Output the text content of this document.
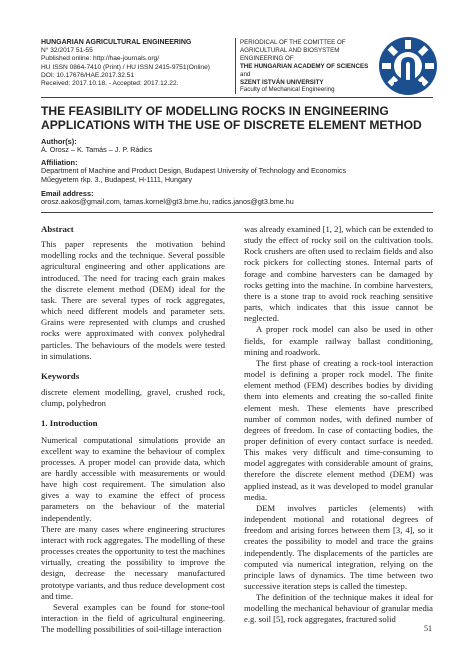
HUNGARIAN AGRICULTURAL ENGINEERING
N° 32/2017 51-55
Published online: http://hae-journals.org/
HU ISSN 0864-7410 (Print) / HU ISSN 2415-9751(Online)
DOI: 10.17676/HAE.2017.32.51
Received: 2017.10.18. - Accepted: 2017.12.22.
PERIODICAL OF THE COMITTEE OF
AGRICULTURAL AND BIOSYSTEM
ENGINEERING OF
THE HUNGARIAN ACADEMY OF SCIENCES
and
SZENT ISTVÁN UNIVERSITY
Faculty of Mechanical Engineering
THE FEASIBILITY OF MODELLING ROCKS IN ENGINEERING
APPLICATIONS WITH THE USE OF DISCRETE ELEMENT METHOD
Author(s):
Á. Orosz – K. Tamás – J. P. Rádics
Affiliation:
Department of Machine and Product Design, Budapest University of Technology and Economics
Műegyetem rkp. 3., Budapest, H-1111, Hungary
Email address:
orosz.aakos@gmail.com, tamas.kornel@gt3.bme.hu, radics.janos@gt3.bme.hu
Abstract

This paper represents the motivation behind modelling rocks and the technique. Several possible agricultural engineering and other applications are introduced. The need for tracing each grain makes the discrete element method (DEM) ideal for the task. There are several types of rock aggregates, which need different models and parameter sets. Grains were represented with clumps and crushed rocks were approximated with convex polyhedral particles. The behaviours of the models were tested in simulations.

Keywords

discrete element modelling, gravel, crushed rock, clump, polyhedron

1. Introduction

Numerical computational simulations provide an excellent way to examine the behaviour of complex processes. A proper model can provide data, which are hardly accessible with measurements or would have high cost requirement. The simulation also gives a way to examine the effect of process parameters on the behaviour of the material independently.

There are many cases where engineering structures interact with rock aggregates. The modelling of these processes creates the opportunity to test the machines virtually, creating the possibility to improve the design, decrease the necessary manufactured prototype variants, and thus reduce development cost and time.

Several examples can be found for stone-tool interaction in the field of agricultural engineering. The modelling possibilities of soil-tillage interaction

was already examined [1, 2], which can be extended to study the effect of rocky soil on the cultivation tools. Rock crushers are often used to reclaim fields and also rock pickers for collecting stones. Internal parts of forage and combine harvesters can be damaged by rocks getting into the machine. In combine harvesters, there is a stone trap to avoid rock reaching sensitive parts, which indicates that this issue cannot be neglected.

A proper rock model can also be used in other fields, for example railway ballast conditioning, mining and roadwork.

The first phase of creating a rock-tool interaction model is defining a proper rock model. The finite element method (FEM) describes bodies by dividing them into elements and creating the so-called finite element mesh. These elements have prescribed number of common nodes, with defined number of degrees of freedom. In case of contacting bodies, the proper definition of every contact surface is needed. This makes very difficult and time-consuming to model aggregates with considerable amount of grains, therefore the discrete element method (DEM) was applied instead, as it was developed to model granular media.

DEM involves particles (elements) with independent motional and rotational degrees of freedom and arising forces between them [3, 4], so it creates the possibility to model and trace the grains independently. The displacements of the particles are computed via numerical integration, relying on the principle laws of dynamics. The time between two successive iteration steps is called the timestep.

The definition of the technique makes it ideal for modelling the mechanical behaviour of granular media e.g. soil [5], rock aggregates, fractured solid

51
